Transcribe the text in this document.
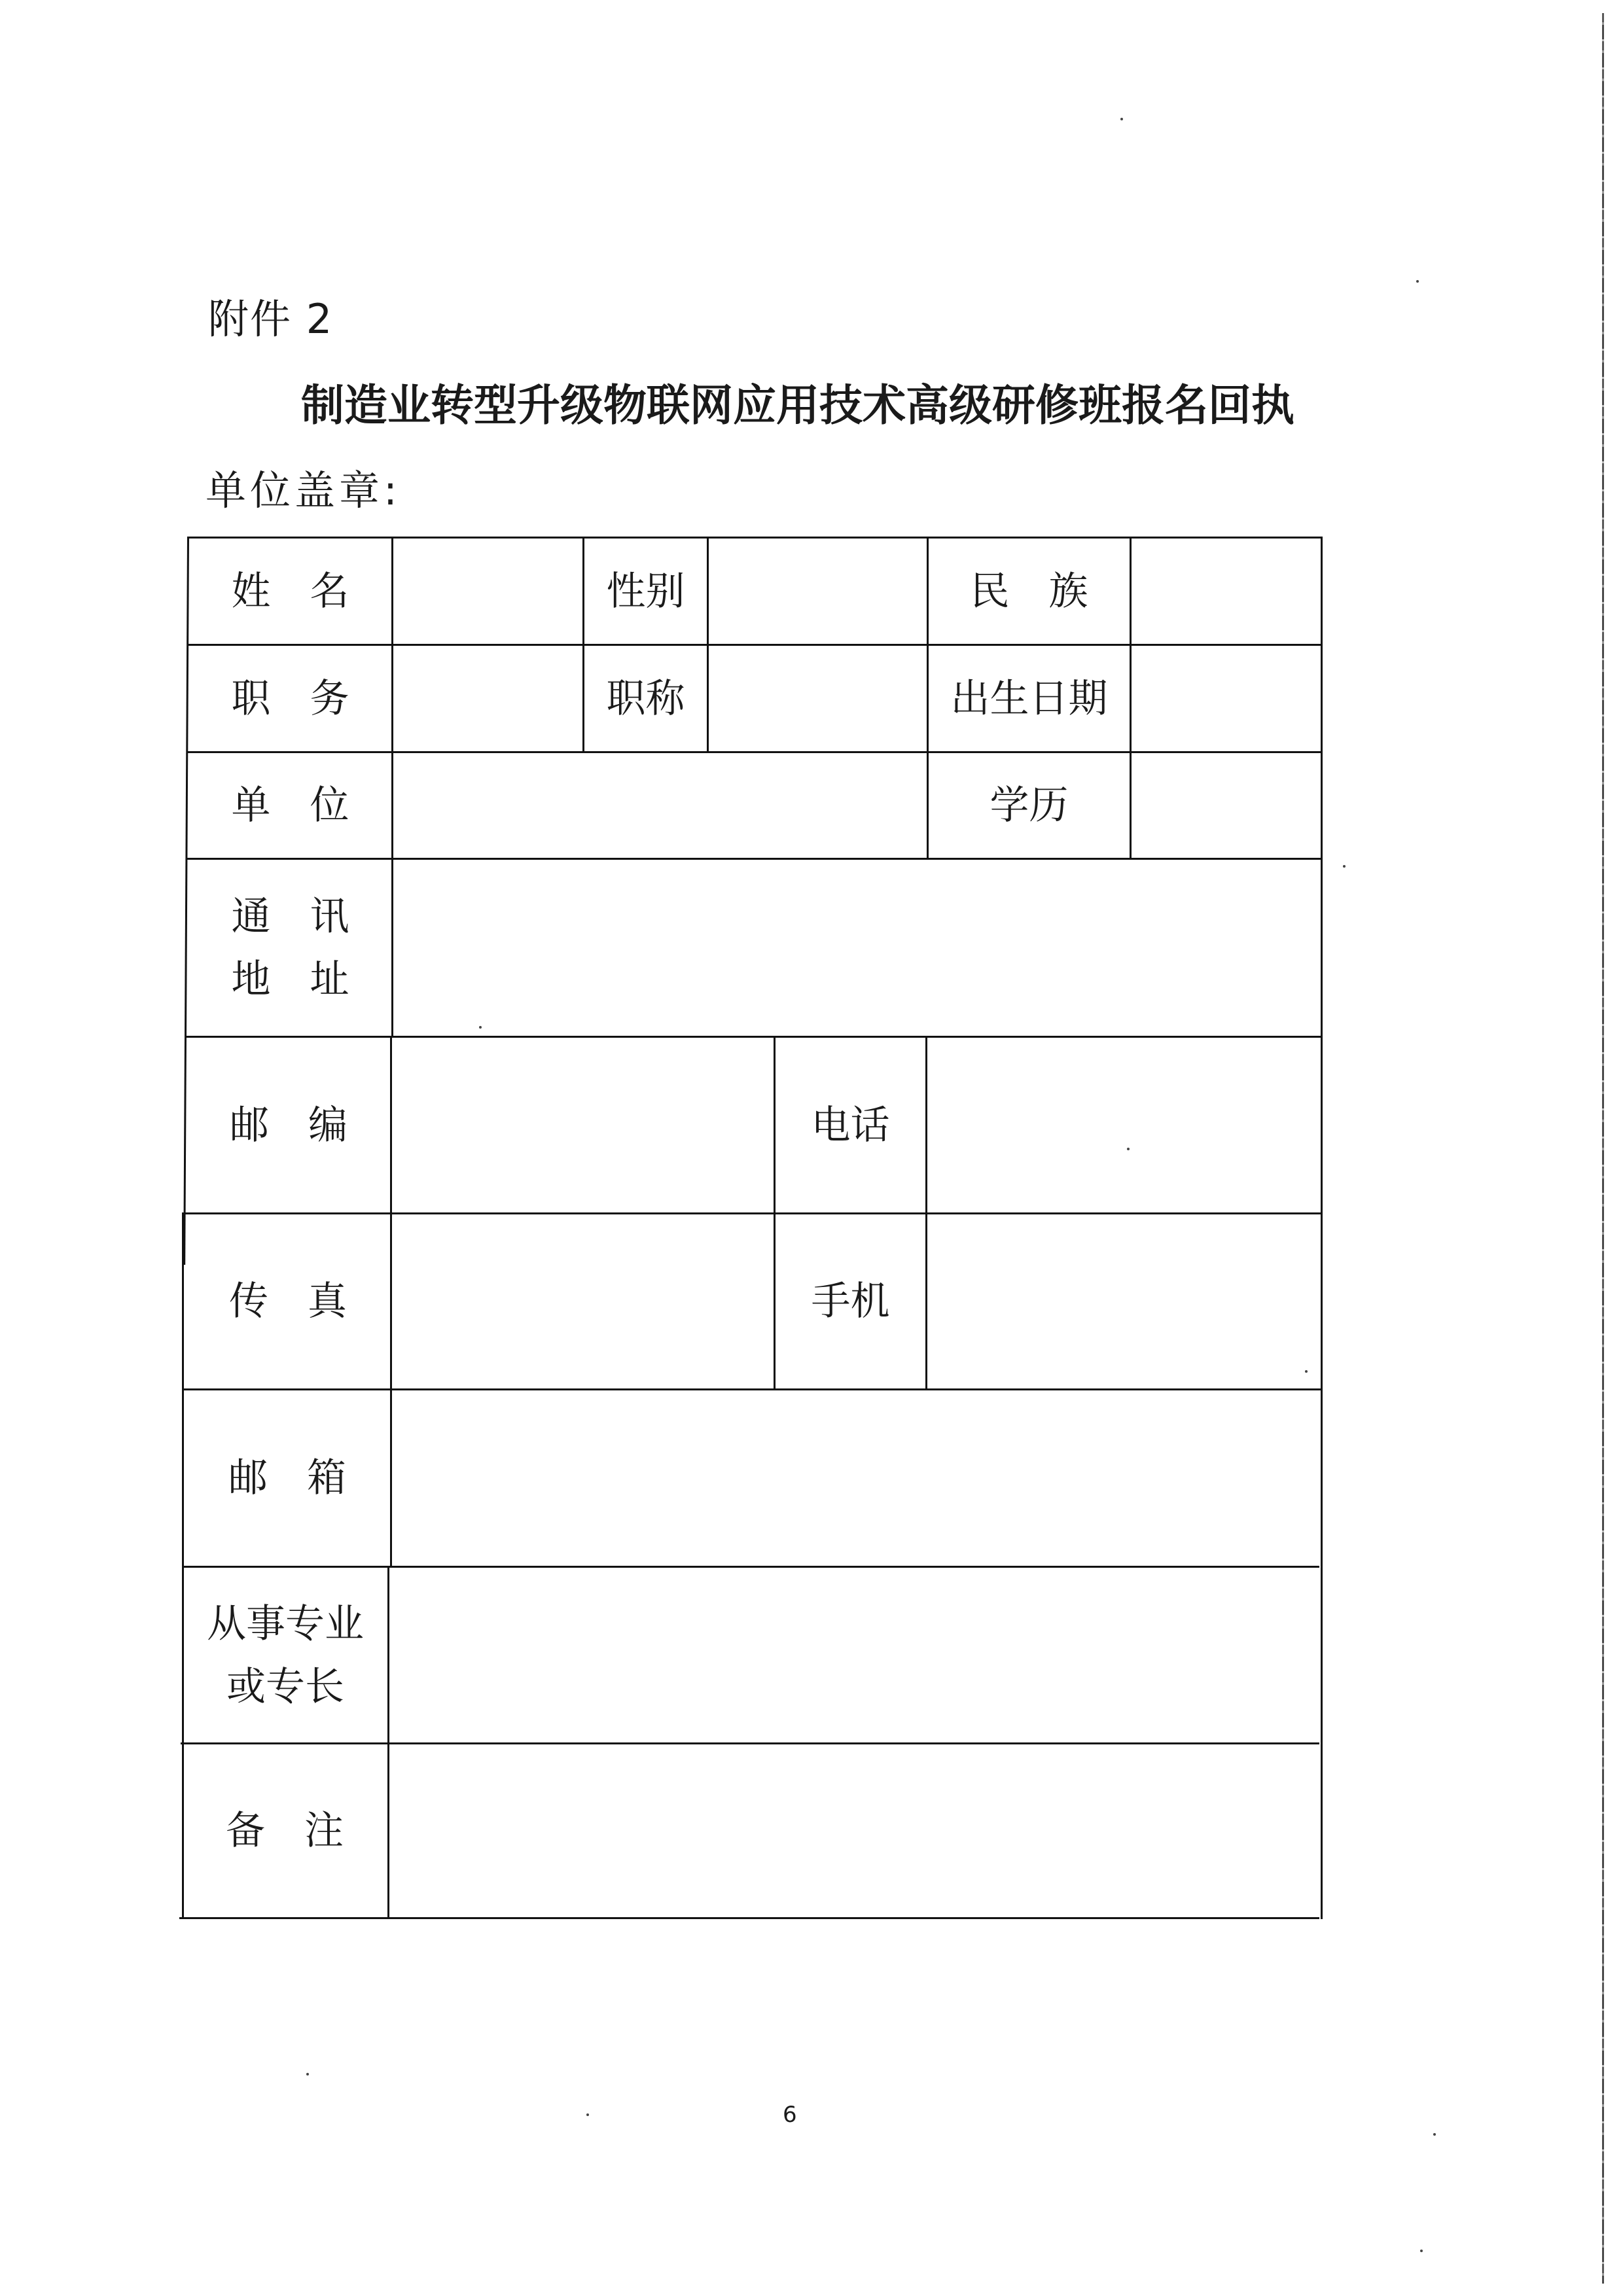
附件 2
制造业转型升级物联网应用技术高级研修班报名回执
单位盖章:
姓　名	性别	民　族
职　务	职称	出生日期
单　位	学历
通　讯
地　址
邮　编	电话
传　真	手机
邮　箱
从事专业
或专长
备　注
6
